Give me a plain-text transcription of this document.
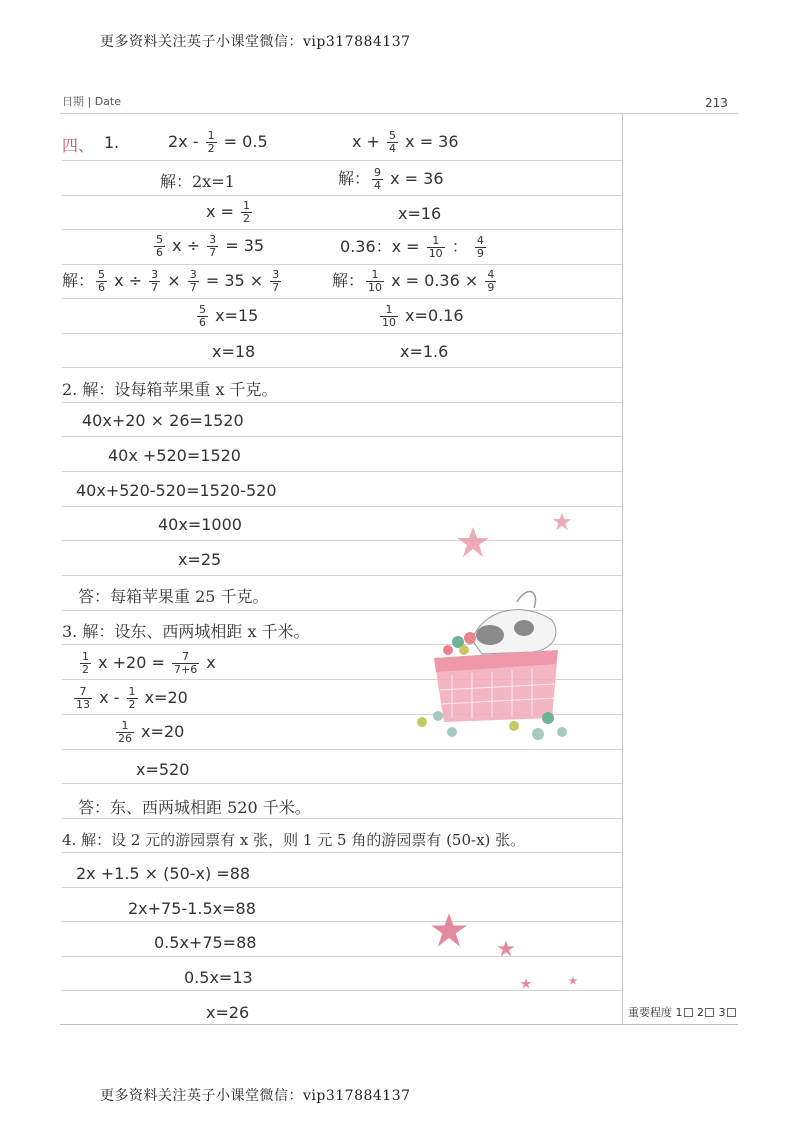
更多资料关注英子小课堂微信：vip317884137
日期 | Date	213
四、 1.	$2x - \frac{1}{2} = 0.5$	$x + \frac{5}{4}$ x = 36
解：2x=1	解： $\frac{9}{4}$ x = 36
$x = \frac{1}{2}$	x=16
$\frac{5}{6}$ $x \div \frac{3}{7} = 35$	0.36：$x = \frac{1}{10}$ ： $\frac{4}{9}$
解： $\frac{5}{6}$ $x \div \frac{3}{7} \times \frac{3}{7} = 35 \times \frac{3}{7}$	解： $\frac{1}{10}$ $x = 0.36 \times \frac{4}{9}$
$\frac{5}{6} x=15$	$\frac{1}{10} x=0.16$
x=18	x=1.6
2. 解：设每箱苹果重 x 千克。
40x+20 × 26=1520
40x +520=1520
40x+520-520=1520-520
40x=1000
x=25
答：每箱苹果重 25 千克。
3. 解：设东、西两城相距 x 千米。
$\frac{1}{2}$ $x +20 = \frac{7}{7+6}$ x
$\frac{7}{13}$ $x - \frac{1}{2} x=20$
$\frac{1}{26} x=20$
x=520
答：东、西两城相距 520 千米。
4. 解：设 2 元的游园票有 x 张，则 1 元 5 角的游园票有 (50-x) 张。
2x +1.5 × (50-x) =88
2x+75-1.5x=88
0.5x+75=88
0.5x=13
x=26	重要程度 1 2 3
更多资料关注英子小课堂微信：vip317884137
